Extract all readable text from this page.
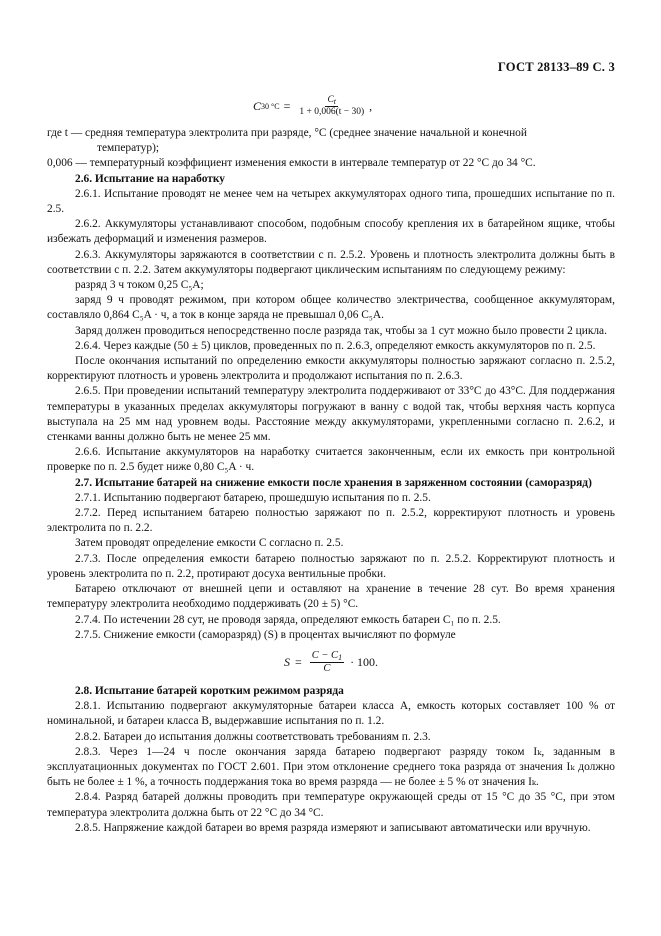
ГОСТ 28133–89 С. 3
C 30 $^\circ С = \frac{C_t}{1 + 0,006(t - 30)}$ ,

где t — средняя температура электролита при разряде, °С (среднее значение начальной и конечной

температур);

0,006 — температурный коэффициент изменения емкости в интервале температур от 22 °С до 34 °С.

2.6. Испытание на наработку

2.6.1. Испытание проводят не менее чем на четырех аккумуляторах одного типа, прошедших испытание по п. 2.5.

2.6.2. Аккумуляторы устанавливают способом, подобным способу крепления их в батарейном ящике, чтобы избежать деформаций и изменения размеров.

2.6.3. Аккумуляторы заряжаются в соответствии с п. 2.5.2. Уровень и плотность электролита должны быть в соответствии с п. 2.2. Затем аккумуляторы подвергают циклическим испытаниям по следующему режиму:

разряд 3 ч током 0,25 C₅A;

заряд 9 ч проводят режимом, при котором общее количество электричества, сообщенное аккумуляторам, составляло 0,864 C₅A · ч, а ток в конце заряда не превышал 0,06 C₅A.

Заряд должен проводиться непосредственно после разряда так, чтобы за 1 сут можно было провести 2 цикла.

2.6.4. Через каждые (50 ± 5) циклов, проведенных по п. 2.6.3, определяют емкость аккумуляторов по п. 2.5.

После окончания испытаний по определению емкости аккумуляторы полностью заряжают согласно п. 2.5.2, корректируют плотность и уровень электролита и продолжают испытания по п. 2.6.3.

2.6.5. При проведении испытаний температуру электролита поддерживают от 33°С до 43°С. Для поддержания температуры в указанных пределах аккумуляторы погружают в ванну с водой так, чтобы верхняя часть корпуса выступала на 25 мм над уровнем воды. Расстояние между аккумуляторами, укрепленными согласно п. 2.6.2, и стенками ванны должно быть не менее 25 мм.

2.6.6. Испытание аккумуляторов на наработку считается законченным, если их емкость при контрольной проверке по п. 2.5 будет ниже 0,80 C₅A · ч.

2.7. Испытание батарей на снижение емкости после хранения в заряженном состоянии (саморазряд)

2.7.1. Испытанию подвергают батарею, прошедшую испытания по п. 2.5.

2.7.2. Перед испытанием батарею полностью заряжают по п. 2.5.2, корректируют плотность и уровень электролита по п. 2.2.

Затем проводят определение емкости C согласно п. 2.5.

2.7.3. После определения емкости батарею полностью заряжают по п. 2.5.2. Корректируют плотность и уровень электролита по п. 2.2, протирают досуха вентильные пробки.

Батарею отключают от внешней цепи и оставляют на хранение в течение 28 сут. Во время хранения температуру электролита необходимо поддерживать (20 ± 5) °С.

2.7.4. По истечении 28 сут, не проводя заряда, определяют емкость батареи C₁ по п. 2.5.

2.7.5. Снижение емкости (саморазряд) (S) в процентах вычисляют по формуле

$S = \frac{C - C_1}{C} \cdot 100$.

2.8. Испытание батарей коротким режимом разряда

2.8.1. Испытанию подвергают аккумуляторные батареи класса А, емкость которых составляет 100 % от номинальной, и батареи класса В, выдержавшие испытания по п. 1.2.

2.8.2. Батареи до испытания должны соответствовать требованиям п. 2.3.

2.8.3. Через 1—24 ч после окончания заряда батарею подвергают разряду током Iₖ, заданным в эксплуатационных документах по ГОСТ 2.601. При этом отклонение среднего тока разряда от значения Iₖ должно быть не более ± 1 %, а точность поддержания тока во время разряда — не более ± 5 % от значения Iₖ.

2.8.4. Разряд батарей должны проводить при температуре окружающей среды от 15 °С до 35 °С, при этом температура электролита должна быть от 22 °С до 34 °С.

2.8.5. Напряжение каждой батареи во время разряда измеряют и записывают автоматически или вручную.
